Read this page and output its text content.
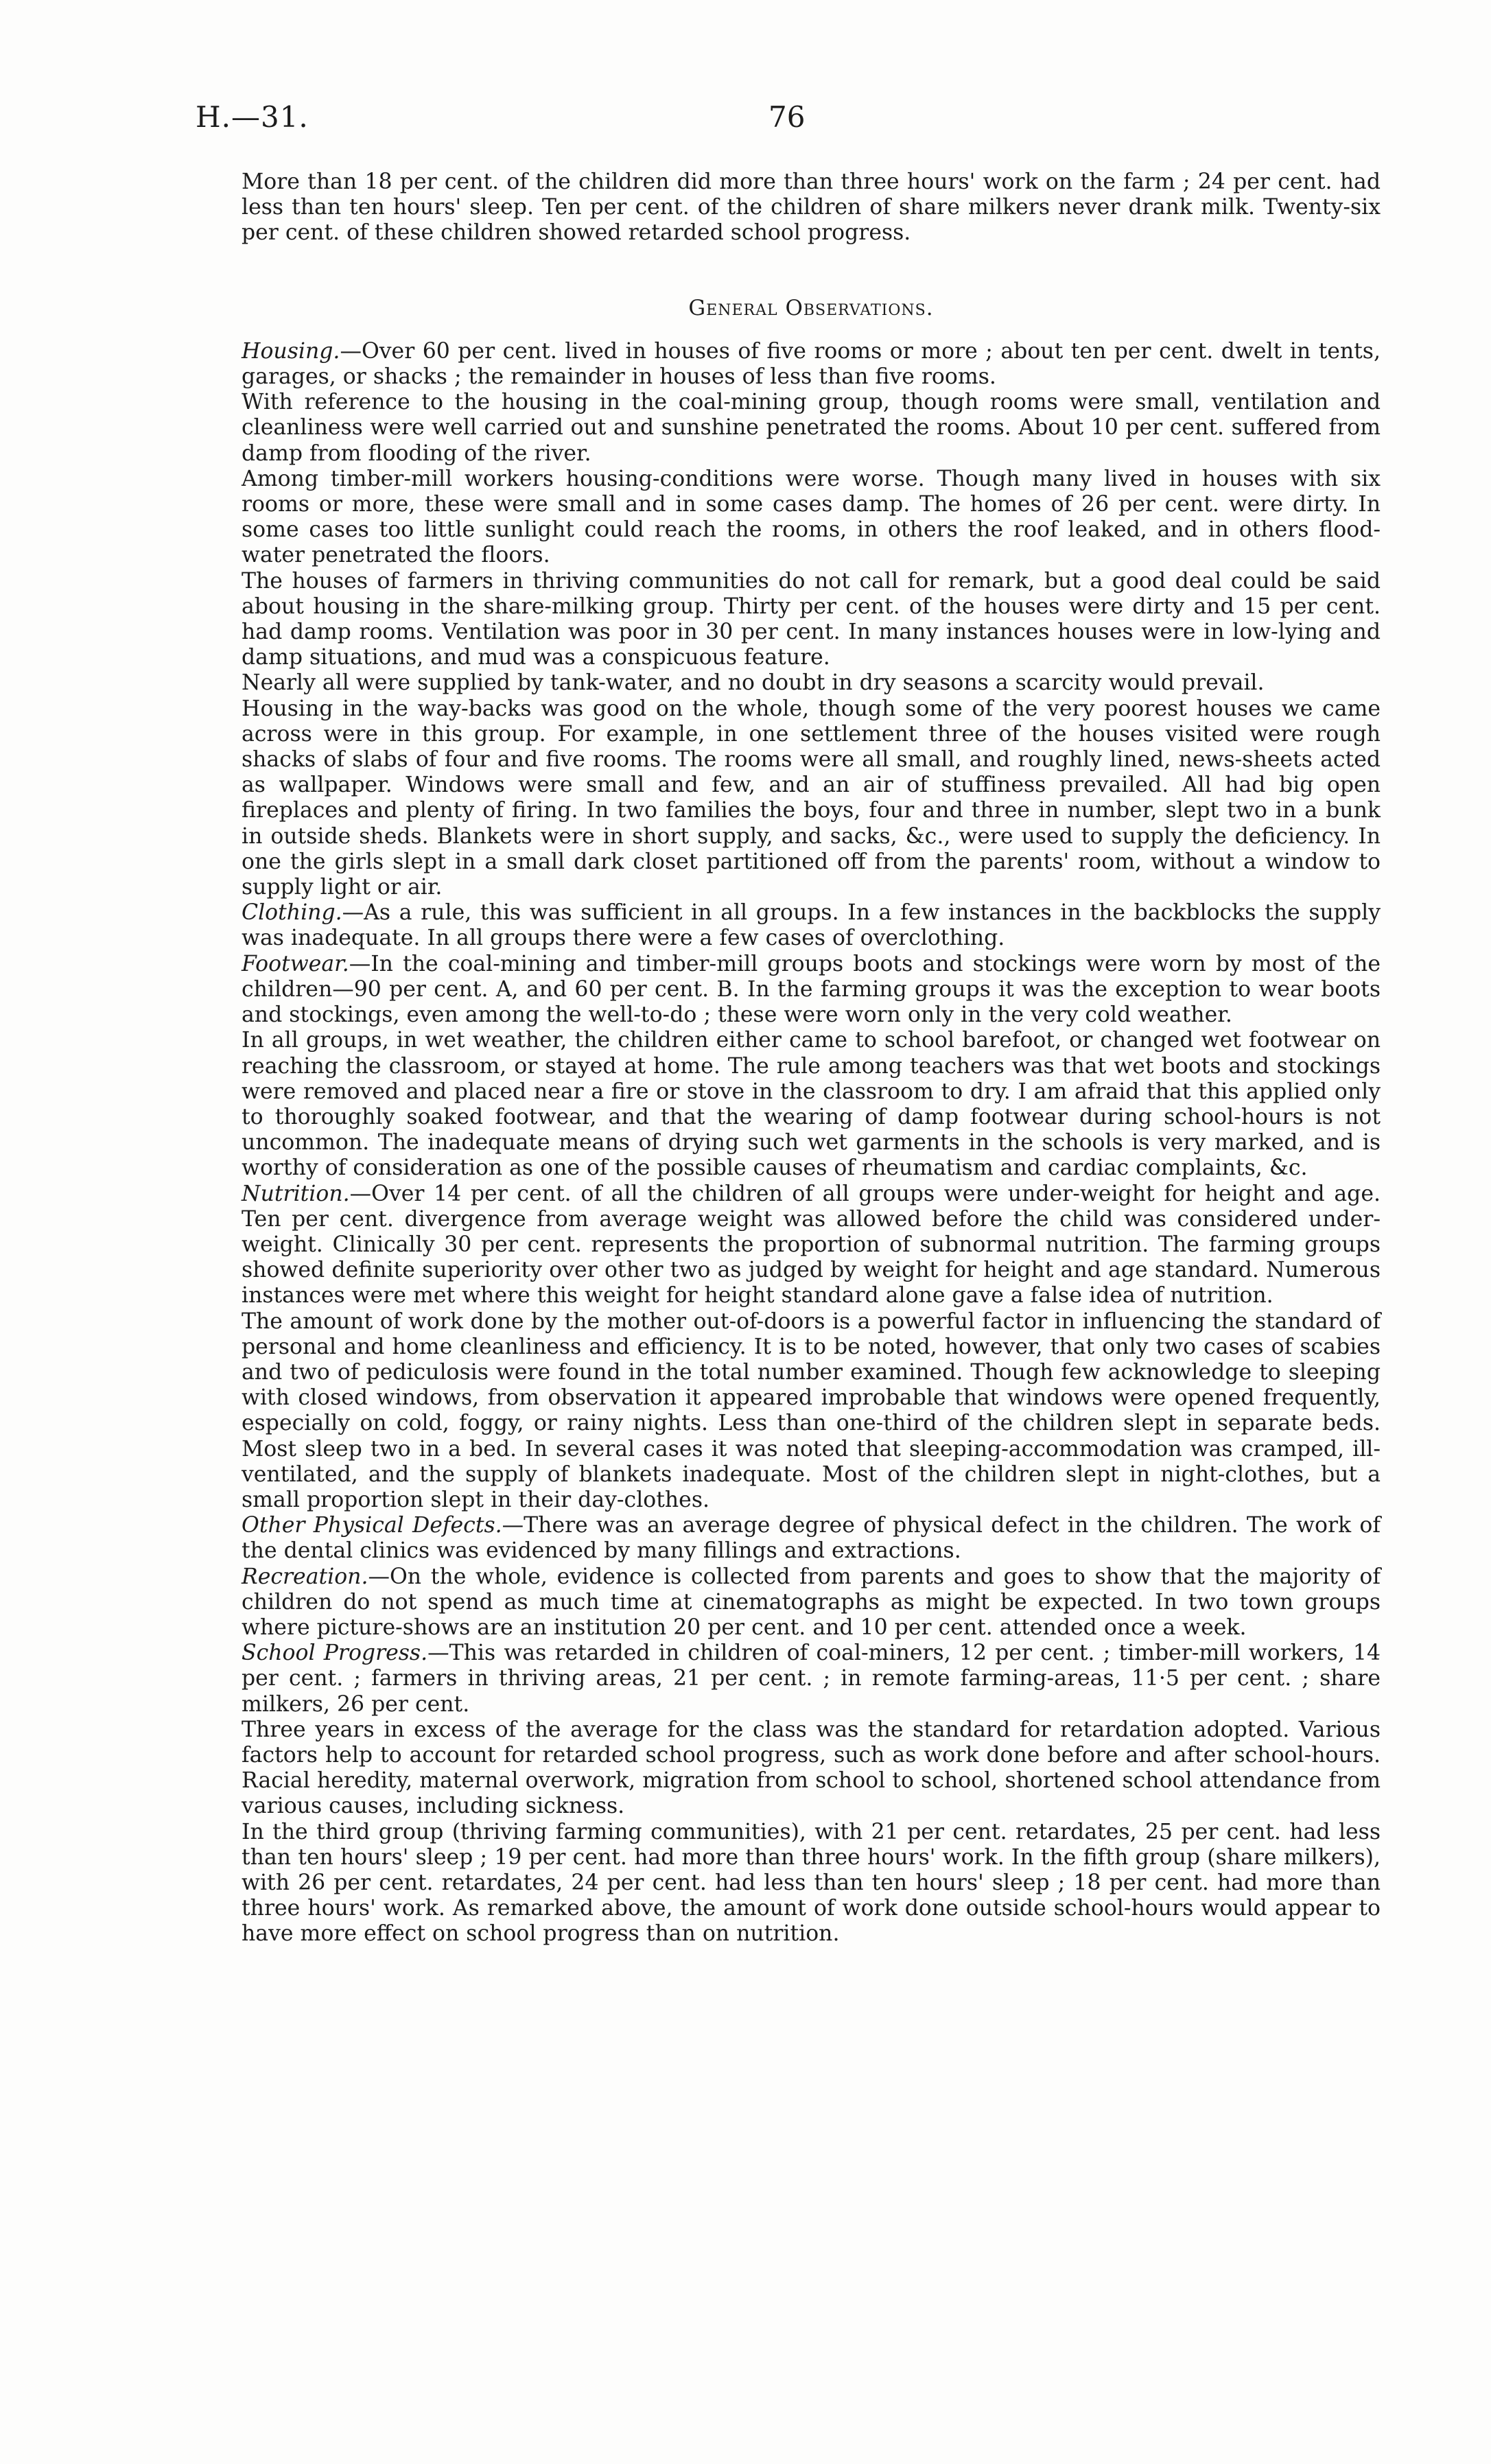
H.—31.	76

More than 18 per cent. of the children did more than three hours' work on the farm ; 24 per cent. had less than ten hours' sleep. Ten per cent. of the children of share milkers never drank milk. Twenty-six per cent. of these children showed retarded school progress.

General Observations.

Housing.—Over 60 per cent. lived in houses of five rooms or more ; about ten per cent. dwelt in tents, garages, or shacks ; the remainder in houses of less than five rooms.

With reference to the housing in the coal-mining group, though rooms were small, ventilation and cleanliness were well carried out and sunshine penetrated the rooms. About 10 per cent. suffered from damp from flooding of the river.

Among timber-mill workers housing-conditions were worse. Though many lived in houses with six rooms or more, these were small and in some cases damp. The homes of 26 per cent. were dirty. In some cases too little sunlight could reach the rooms, in others the roof leaked, and in others flood-water penetrated the floors.

The houses of farmers in thriving communities do not call for remark, but a good deal could be said about housing in the share-milking group. Thirty per cent. of the houses were dirty and 15 per cent. had damp rooms. Ventilation was poor in 30 per cent. In many instances houses were in low-lying and damp situations, and mud was a conspicuous feature.

Nearly all were supplied by tank-water, and no doubt in dry seasons a scarcity would prevail.

Housing in the way-backs was good on the whole, though some of the very poorest houses we came across were in this group. For example, in one settlement three of the houses visited were rough shacks of slabs of four and five rooms. The rooms were all small, and roughly lined, news-sheets acted as wallpaper. Windows were small and few, and an air of stuffiness prevailed. All had big open fireplaces and plenty of firing. In two families the boys, four and three in number, slept two in a bunk in outside sheds. Blankets were in short supply, and sacks, &c., were used to supply the deficiency. In one the girls slept in a small dark closet partitioned off from the parents' room, without a window to supply light or air.

Clothing.—As a rule, this was sufficient in all groups. In a few instances in the backblocks the supply was inadequate. In all groups there were a few cases of overclothing.

Footwear.—In the coal-mining and timber-mill groups boots and stockings were worn by most of the children—90 per cent. A, and 60 per cent. B. In the farming groups it was the exception to wear boots and stockings, even among the well-to-do ; these were worn only in the very cold weather.

In all groups, in wet weather, the children either came to school barefoot, or changed wet footwear on reaching the classroom, or stayed at home. The rule among teachers was that wet boots and stockings were removed and placed near a fire or stove in the classroom to dry. I am afraid that this applied only to thoroughly soaked footwear, and that the wearing of damp footwear during school-hours is not uncommon. The inadequate means of drying such wet garments in the schools is very marked, and is worthy of consideration as one of the possible causes of rheumatism and cardiac complaints, &c.

Nutrition.—Over 14 per cent. of all the children of all groups were under-weight for height and age. Ten per cent. divergence from average weight was allowed before the child was considered under-weight. Clinically 30 per cent. represents the proportion of subnormal nutrition. The farming groups showed definite superiority over other two as judged by weight for height and age standard. Numerous instances were met where this weight for height standard alone gave a false idea of nutrition.

The amount of work done by the mother out-of-doors is a powerful factor in influencing the standard of personal and home cleanliness and efficiency. It is to be noted, however, that only two cases of scabies and two of pediculosis were found in the total number examined. Though few acknowledge to sleeping with closed windows, from observation it appeared improbable that windows were opened frequently, especially on cold, foggy, or rainy nights. Less than one-third of the children slept in separate beds. Most sleep two in a bed. In several cases it was noted that sleeping-accommodation was cramped, ill-ventilated, and the supply of blankets inadequate. Most of the children slept in night-clothes, but a small proportion slept in their day-clothes.

Other Physical Defects.—There was an average degree of physical defect in the children. The work of the dental clinics was evidenced by many fillings and extractions.

Recreation.—On the whole, evidence is collected from parents and goes to show that the majority of children do not spend as much time at cinematographs as might be expected. In two town groups where picture-shows are an institution 20 per cent. and 10 per cent. attended once a week.

School Progress.—This was retarded in children of coal-miners, 12 per cent. ; timber-mill workers, 14 per cent. ; farmers in thriving areas, 21 per cent. ; in remote farming-areas, 11·5 per cent. ; share milkers, 26 per cent.

Three years in excess of the average for the class was the standard for retardation adopted. Various factors help to account for retarded school progress, such as work done before and after school-hours. Racial heredity, maternal overwork, migration from school to school, shortened school attendance from various causes, including sickness.

In the third group (thriving farming communities), with 21 per cent. retardates, 25 per cent. had less than ten hours' sleep ; 19 per cent. had more than three hours' work. In the fifth group (share milkers), with 26 per cent. retardates, 24 per cent. had less than ten hours' sleep ; 18 per cent. had more than three hours' work. As remarked above, the amount of work done outside school-hours would appear to have more effect on school progress than on nutrition.
